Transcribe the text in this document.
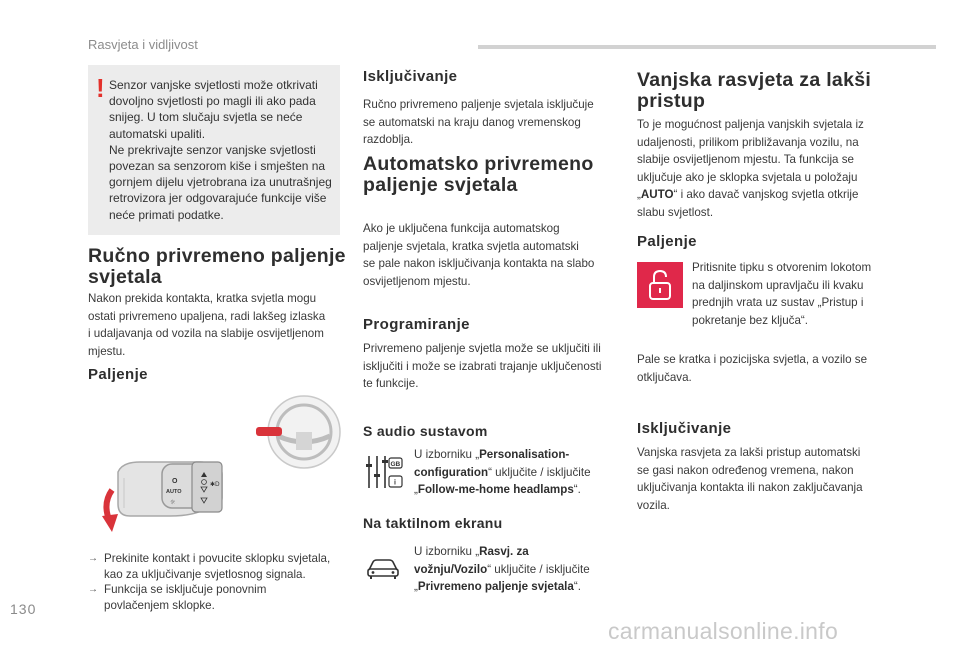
Rasvjeta i vidljivost
! Senzor vanjske svjetlosti može otkrivati
dovoljno svjetlosti po magli ili ako pada
snijeg. U tom slučaju svjetla se neće
automatski upaliti.
Ne prekrivajte senzor vanjske svjetlosti
povezan sa senzorom kiše i smješten na
gornjem dijelu vjetrobrana iza unutrašnjeg
retrovizora jer odgovarajuće funkcije više
neće primati podatke.
Ručno privremeno paljenje
svjetala
Nakon prekida kontakta, kratka svjetla mogu
ostati privremeno upaljena, radi lakšeg izlaska
i udaljavanja od vozila na slabije osvijetljenom
mjestu.
Paljenje
O
AUTO
☼
✱D
→ Prekinite kontakt i povucite sklopku svjetala,
kao za uključivanje svjetlosnog signala.
→ Funkcija se isključuje ponovnim
povlačenjem sklopke.
Isključivanje
Ručno privremeno paljenje svjetala isključuje
se automatski na kraju danog vremenskog
razdoblja.
Automatsko privremeno
paljenje svjetala
Ako je uključena funkcija automatskog
paljenje svjetala, kratka svjetla automatski
se pale nakon isključivanja kontakta na slabo
osvijetljenom mjestu.
Programiranje
Privremeno paljenje svjetla može se uključiti ili
isključiti i može se izabrati trajanje uključenosti
te funkcije.
S audio sustavom
GB
i
U izborniku „Personalisation-
configuration“ uključite / isključite
„Follow-me-home headlamps“.
Na taktilnom ekranu
U izborniku „Rasvj. za
vožnju/Vozilo“ uključite / isključite
„Privremeno paljenje svjetala“.
Vanjska rasvjeta za lakši
pristup
To je mogućnost paljenja vanjskih svjetala iz
udaljenosti, prilikom približavanja vozilu, na
slabije osvijetljenom mjestu. Ta funkcija se
uključuje ako je sklopka svjetala u položaju
„AUTO“ i ako davač vanjskog svjetla otkrije
slabu svjetlost.
Paljenje
Pritisnite tipku s otvorenim lokotom
na daljinskom upravljaču ili kvaku
prednjih vrata uz sustav „Pristup i
pokretanje bez ključa“.
Pale se kratka i pozicijska svjetla, a vozilo se
otključava.
Isključivanje
Vanjska rasvjeta za lakši pristup automatski
se gasi nakon određenog vremena, nakon
uključivanja kontakta ili nakon zaključavanja
vozila.
130
carmanualsonline.info
